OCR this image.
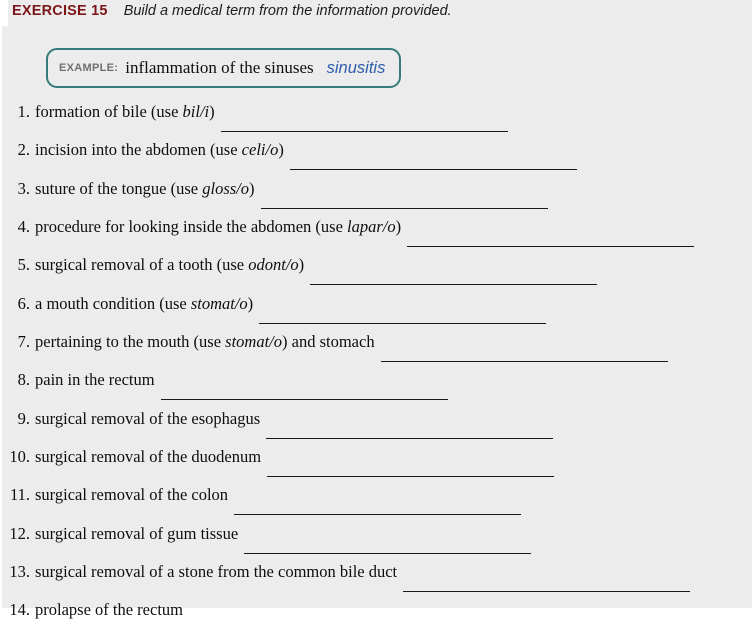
EXERCISE 15 Build a medical term from the information provided.
EXAMPLE: inflammation of the sinuses sinusitis
1. formation of bile (use bil/i)
2. incision into the abdomen (use celi/o)
3. suture of the tongue (use gloss/o)
4. procedure for looking inside the abdomen (use lapar/o)
5. surgical removal of a tooth (use odont/o)
6. a mouth condition (use stomat/o)
7. pertaining to the mouth (use stomat/o) and stomach
8. pain in the rectum
9. surgical removal of the esophagus
10. surgical removal of the duodenum
11. surgical removal of the colon
12. surgical removal of gum tissue
13. surgical removal of a stone from the common bile duct
14. prolapse of the rectum
